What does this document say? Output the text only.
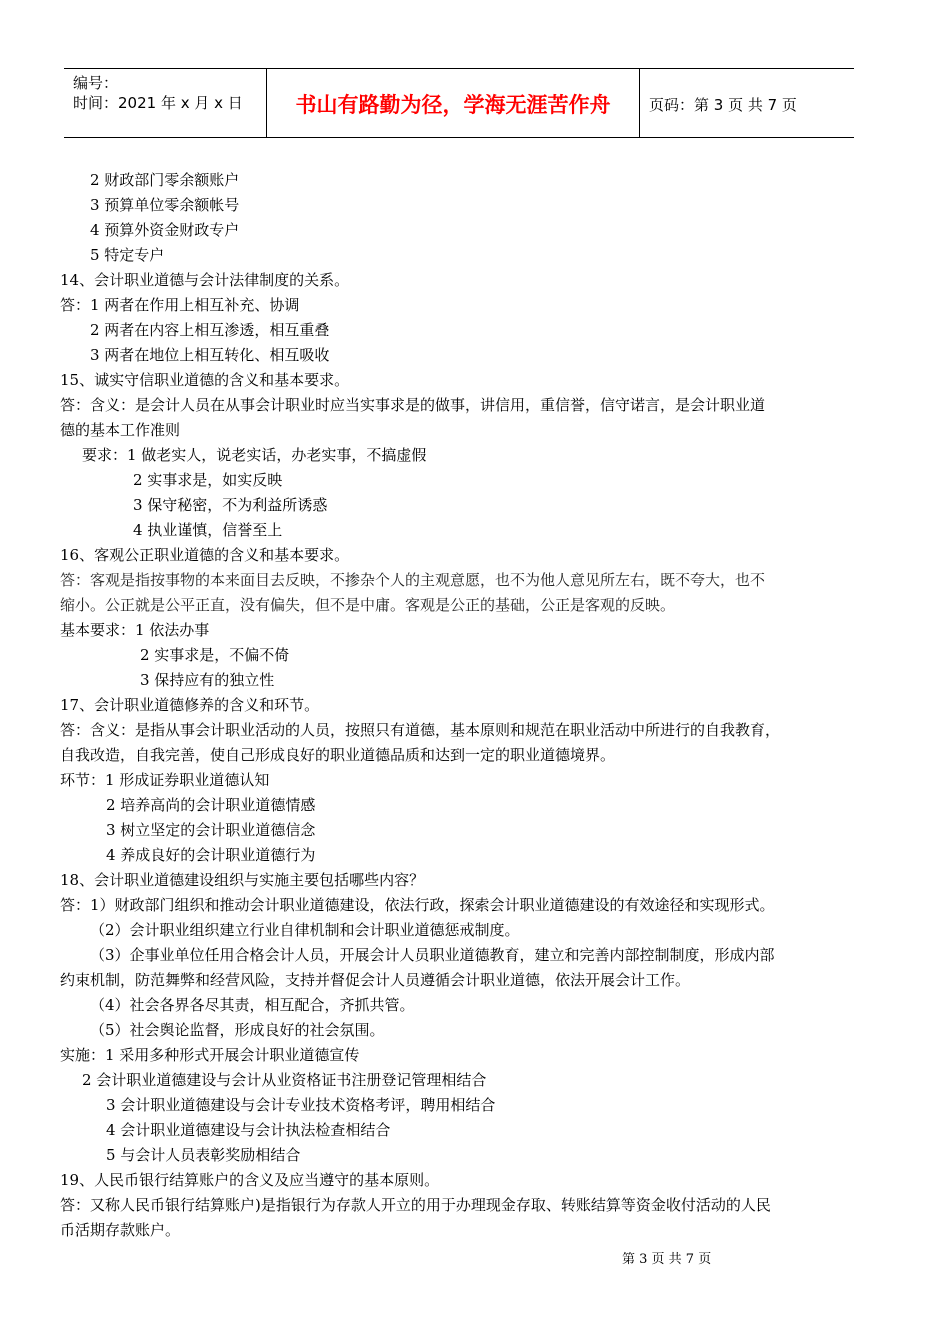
编号：
时间：2021 年 x 月 x 日	书山有路勤为径，学海无涯苦作舟	页码：第 3 页 共 7 页
2 财政部门零余额账户
3 预算单位零余额帐号
4 预算外资金财政专户
5 特定专户
14、会计职业道德与会计法律制度的关系。
答：1 两者在作用上相互补充、协调
2 两者在内容上相互渗透，相互重叠
3 两者在地位上相互转化、相互吸收
15、诚实守信职业道德的含义和基本要求。
答：含义：是会计人员在从事会计职业时应当实事求是的做事，讲信用，重信誉，信守诺言，是会计职业道
德的基本工作准则
要求：1 做老实人，说老实话，办老实事，不搞虚假
2 实事求是，如实反映
3 保守秘密，不为利益所诱惑
4 执业谨慎，信誉至上
16、客观公正职业道德的含义和基本要求。
答：客观是指按事物的本来面目去反映，不掺杂个人的主观意愿，也不为他人意见所左右，既不夸大，也不
缩小。公正就是公平正直，没有偏失，但不是中庸。客观是公正的基础，公正是客观的反映。
基本要求：1 依法办事
2 实事求是，不偏不倚
3 保持应有的独立性
17、会计职业道德修养的含义和环节。
答：含义：是指从事会计职业活动的人员，按照只有道德，基本原则和规范在职业活动中所进行的自我教育，
自我改造，自我完善，使自己形成良好的职业道德品质和达到一定的职业道德境界。
环节：1 形成证券职业道德认知
2 培养高尚的会计职业道德情感
3 树立坚定的会计职业道德信念
4 养成良好的会计职业道德行为
18、会计职业道德建设组织与实施主要包括哪些内容？
答：1）财政部门组织和推动会计职业道德建设，依法行政，探索会计职业道德建设的有效途径和实现形式。
（2）会计职业组织建立行业自律机制和会计职业道德惩戒制度。
（3）企事业单位任用合格会计人员，开展会计人员职业道德教育，建立和完善内部控制制度，形成内部
约束机制，防范舞弊和经营风险，支持并督促会计人员遵循会计职业道德，依法开展会计工作。
（4）社会各界各尽其责，相互配合，齐抓共管。
（5）社会舆论监督，形成良好的社会氛围。
实施：1 采用多种形式开展会计职业道德宣传
2 会计职业道德建设与会计从业资格证书注册登记管理相结合
3 会计职业道德建设与会计专业技术资格考评，聘用相结合
4 会计职业道德建设与会计执法检查相结合
5 与会计人员表彰奖励相结合
19、人民币银行结算账户的含义及应当遵守的基本原则。
答：又称人民币银行结算账户)是指银行为存款人开立的用于办理现金存取、转账结算等资金收付活动的人民
币活期存款账户。
第 3 页 共 7 页
